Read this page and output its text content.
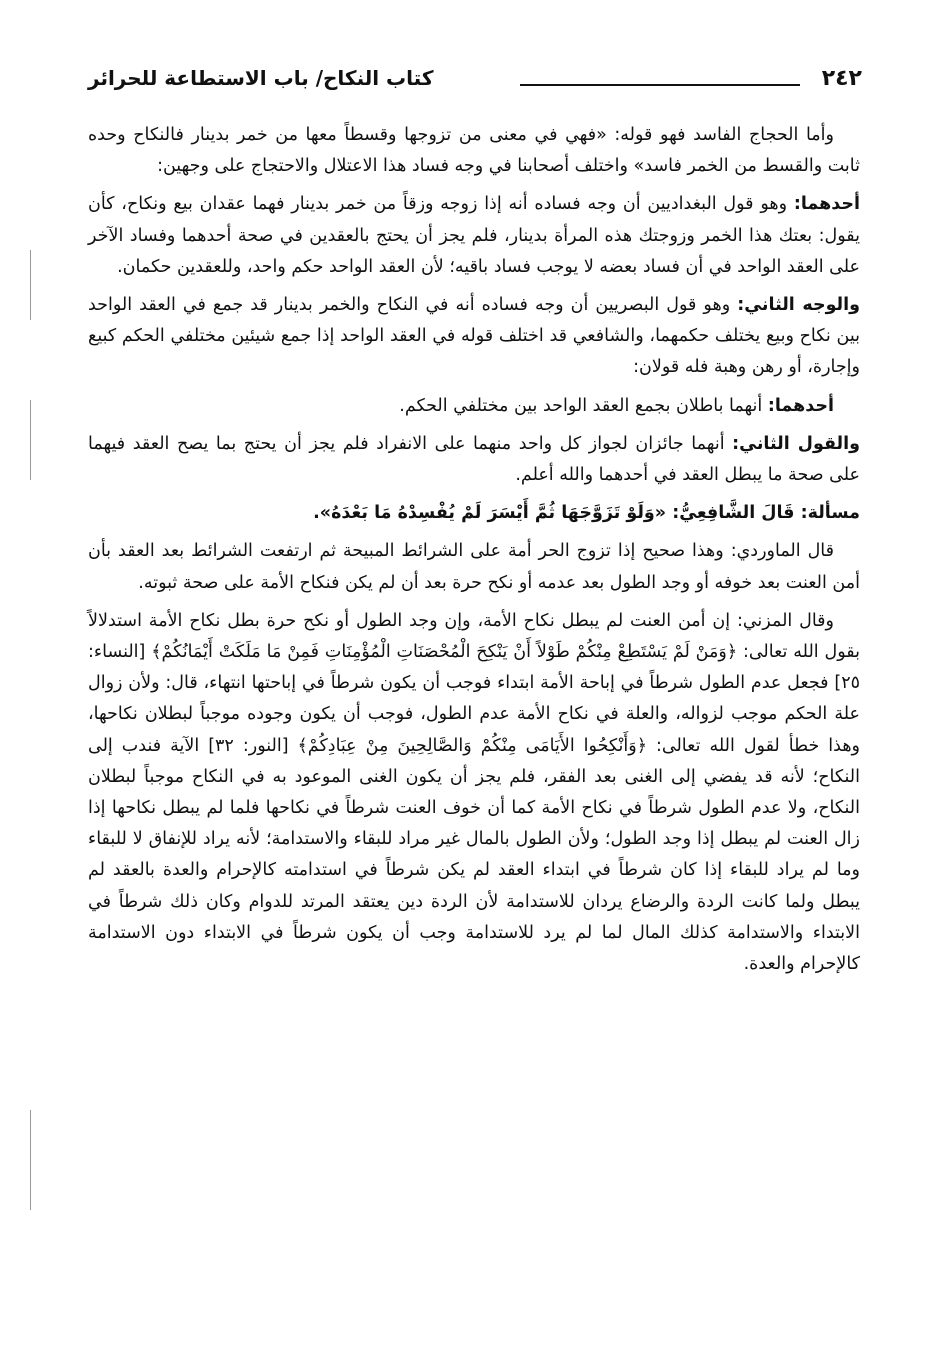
٢٤٢
كتاب النكاح/ باب الاستطاعة للحرائر

وأما الحجاج الفاسد فهو قوله: «فهي في معنى من تزوجها وقسطاً معها من خمر بدينار فالنكاح وحده ثابت والقسط من الخمر فاسد» واختلف أصحابنا في وجه فساد هذا الاعتلال والاحتجاج على وجهين:

أحدهما: وهو قول البغداديين أن وجه فساده أنه إذا زوجه وزقاً من خمر بدينار فهما عقدان بيع ونكاح، كأن يقول: بعتك هذا الخمر وزوجتك هذه المرأة بدينار، فلم يجز أن يحتج بالعقدين في صحة أحدهما وفساد الآخر على العقد الواحد في أن فساد بعضه لا يوجب فساد باقيه؛ لأن العقد الواحد حكم واحد، وللعقدين حكمان.

والوجه الثاني: وهو قول البصريين أن وجه فساده أنه في النكاح والخمر بدينار قد جمع في العقد الواحد بين نكاح وبيع يختلف حكمهما، والشافعي قد اختلف قوله في العقد الواحد إذا جمع شيئين مختلفي الحكم كبيع وإجارة، أو رهن وهبة فله قولان:

أحدهما: أنهما باطلان بجمع العقد الواحد بين مختلفي الحكم.

والقول الثاني: أنهما جائزان لجواز كل واحد منهما على الانفراد فلم يجز أن يحتج بما يصح العقد فيهما على صحة ما يبطل العقد في أحدهما والله أعلم.

مسألة: قَالَ الشَّافِعِيُّ: «وَلَوْ تَزَوَّجَهَا ثُمَّ أَيْسَرَ لَمْ يُفْسِدْهُ مَا بَعْدَهُ».

قال الماوردي: وهذا صحيح إذا تزوج الحر أمة على الشرائط المبيحة ثم ارتفعت الشرائط بعد العقد بأن أمن العنت بعد خوفه أو وجد الطول بعد عدمه أو نكح حرة بعد أن لم يكن فنكاح الأمة على صحة ثبوته.

وقال المزني: إن أمن العنت لم يبطل نكاح الأمة، وإن وجد الطول أو نكح حرة بطل نكاح الأمة استدلالاً بقول الله تعالى: ﴿وَمَنْ لَمْ يَسْتَطِعْ مِنْكُمْ طَوْلاً أَنْ يَنْكِحَ الْمُحْصَنَاتِ الْمُؤْمِنَاتِ فَمِنْ مَا مَلَكَتْ أَيْمَانُكُمْ﴾ [النساء: ٢٥] فجعل عدم الطول شرطاً في إباحة الأمة ابتداء فوجب أن يكون شرطاً في إباحتها انتهاء، قال: ولأن زوال علة الحكم موجب لزواله، والعلة في نكاح الأمة عدم الطول، فوجب أن يكون وجوده موجباً لبطلان نكاحها، وهذا خطأ لقول الله تعالى: ﴿وَأَنْكِحُوا الأَيَامَى مِنْكُمْ وَالصَّالِحِينَ مِنْ عِبَادِكُمْ﴾ [النور: ٣٢] الآية فندب إلى النكاح؛ لأنه قد يفضي إلى الغنى بعد الفقر، فلم يجز أن يكون الغنى الموعود به في النكاح موجباً لبطلان النكاح، ولا عدم الطول شرطاً في نكاح الأمة كما أن خوف العنت شرطاً في نكاحها فلما لم يبطل نكاحها إذا زال العنت لم يبطل إذا وجد الطول؛ ولأن الطول بالمال غير مراد للبقاء والاستدامة؛ لأنه يراد للإنفاق لا للبقاء وما لم يراد للبقاء إذا كان شرطاً في ابتداء العقد لم يكن شرطاً في استدامته كالإحرام والعدة بالعقد لم يبطل ولما كانت الردة والرضاع يردان للاستدامة لأن الردة دين يعتقد المرتد للدوام وكان ذلك شرطاً في الابتداء والاستدامة كذلك المال لما لم يرد للاستدامة وجب أن يكون شرطاً في الابتداء دون الاستدامة كالإحرام والعدة.
